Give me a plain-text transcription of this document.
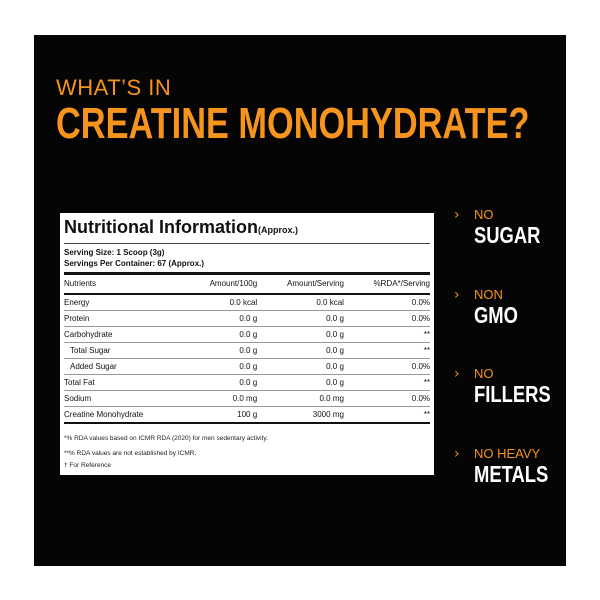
WHAT’S IN
CREATINE MONOHYDRATE?
Nutritional Information(Approx.)
Serving Size: 1 Scoop (3g)
Servings Per Container: 67 (Approx.)
Nutrients	Amount/100g	Amount/Serving	%RDA*/Serving
Energy	0.0 kcal	0.0 kcal	0.0%
Protein	0.0 g	0.0 g	0.0%
Carbohydrate	0.0 g	0.0 g	**
Total Sugar	0.0 g	0.0 g	**
Added Sugar	0.0 g	0.0 g	0.0%
Total Fat	0.0 g	0.0 g	**
Sodium	0.0 mg	0.0 mg	0.0%
Creatine Monohydrate	100 g	3000 mg	**
*% RDA values based on ICMR RDA (2020) for men sedentary activity.
**% RDA values are not established by ICMR.
† For Reference
› NO
SUGAR
› NON
GMO
› NO
FILLERS
› NO HEAVY
METALS
